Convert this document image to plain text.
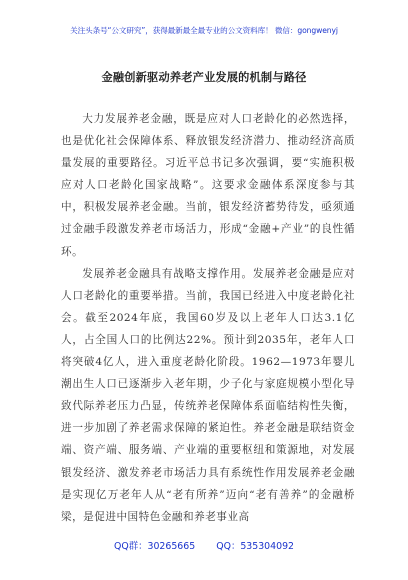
关注头条号“公文研究”，获得最新最全最专业的公文资料库！ 微信：gongwenyj
金融创新驱动养老产业发展的机制与路径

大力发展养老金融，既是应对人口老龄化的必然选择，也是优化社会保障体系、释放银发经济潜力、推动经济高质量发展的重要路径。习近平总书记多次强调，要“实施积极应对人口老龄化国家战略”。这要求金融体系深度参与其中，积极发展养老金融。当前，银发经济蓄势待发，亟须通过金融手段激发养老市场活力，形成“金融+产业”的良性循环。

发展养老金融具有战略支撑作用。发展养老金融是应对人口老龄化的重要举措。当前，我国已经进入中度老龄化社会。截至2024年底，我国60岁及以上老年人口达3.1亿人，占全国人口的比例达22%。预计到2035年，老年人口将突破4亿人，进入重度老龄化阶段。1962—1973年婴儿潮出生人口已逐渐步入老年期，少子化与家庭规模小型化导致代际养老压力凸显，传统养老保障体系面临结构性失衡，进一步加剧了养老需求保障的紧迫性。养老金融是联结资金端、资产端、服务端、产业端的重要枢纽和策源地，对发展银发经济、激发养老市场活力具有系统性作用发展养老金融是实现亿万老年人从“老有所养”迈向“老有善养”的金融桥梁，是促进中国特色金融和养老事业高

QQ群：30265665 QQ：535304092
